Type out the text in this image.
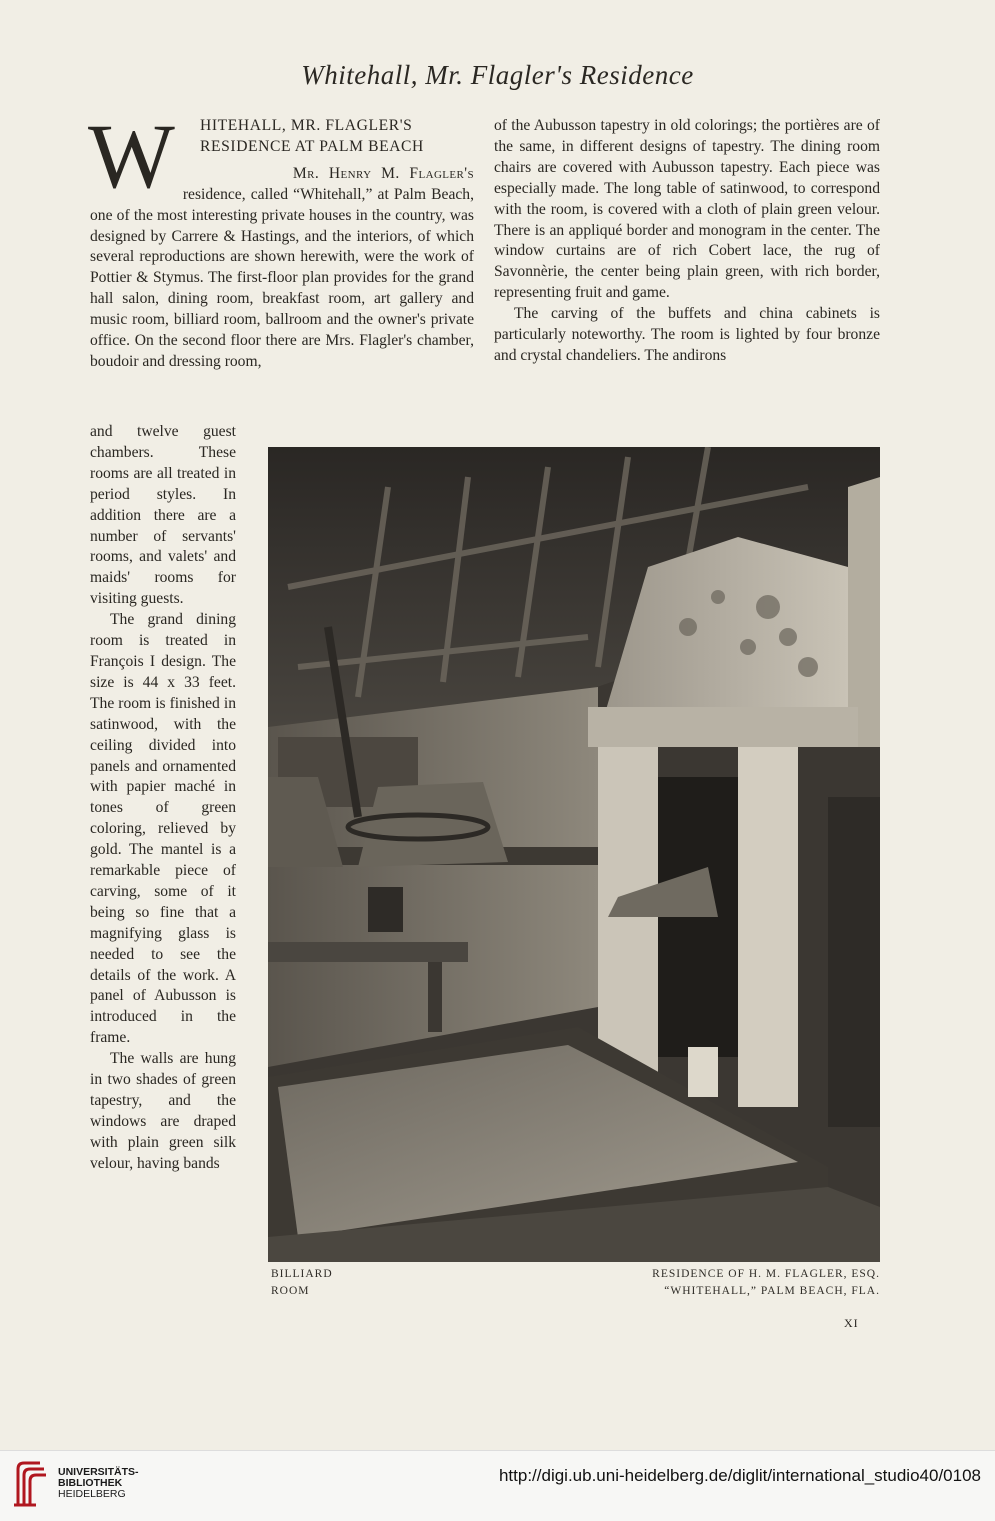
Whitehall, Mr. Flagler's Residence

W HITEHALL, MR. FLAGLER'S
RESIDENCE AT PALM BEACH
Mr. Henry M. Flagler's residence, called “Whitehall,” at Palm Beach, one of the most interesting private houses in the country, was designed by Carrere & Hastings, and the interiors, of which several reproductions are shown herewith, were the work of Pottier & Stymus. The first-floor plan provides for the grand hall salon, dining room, breakfast room, art gallery and music room, billiard room, ballroom and the owner's private office. On the second floor there are Mrs. Flagler's chamber, boudoir and dressing room,

of the Aubusson tapestry in old colorings; the portières are of the same, in different designs of tapestry. The dining room chairs are covered with Aubusson tapestry. Each piece was especially made. The long table of satinwood, to correspond with the room, is covered with a cloth of plain green velour. There is an appliqué border and monogram in the center. The window curtains are of rich Cobert lace, the rug of Savonnèrie, the center being plain green, with rich border, representing fruit and game.

The carving of the buffets and china cabinets is particularly noteworthy. The room is lighted by four bronze and crystal chandeliers. The andirons

and twelve guest chambers. These rooms are all treated in period styles. In addition there are a number of servants' rooms, and valets' and maids' rooms for visiting guests.

The grand dining room is treated in François I design. The size is 44 x 33 feet. The room is finished in satinwood, with the ceiling divided into panels and ornamented with papier maché in tones of green coloring, relieved by gold. The mantel is a remarkable piece of carving, some of it being so fine that a magnifying glass is needed to see the details of the work. A panel of Aubusson is introduced in the frame.

The walls are hung in two shades of green tapestry, and the windows are draped with plain green silk velour, having bands

BILLIARD
ROOM
RESIDENCE OF H. M. FLAGLER, ESQ.
“WHITEHALL,” PALM BEACH, FLA.
XI
UNIVERSITÄTS-
BIBLIOTHEK
HEIDELBERG
http://digi.ub.uni-heidelberg.de/diglit/international_studio40/0108
